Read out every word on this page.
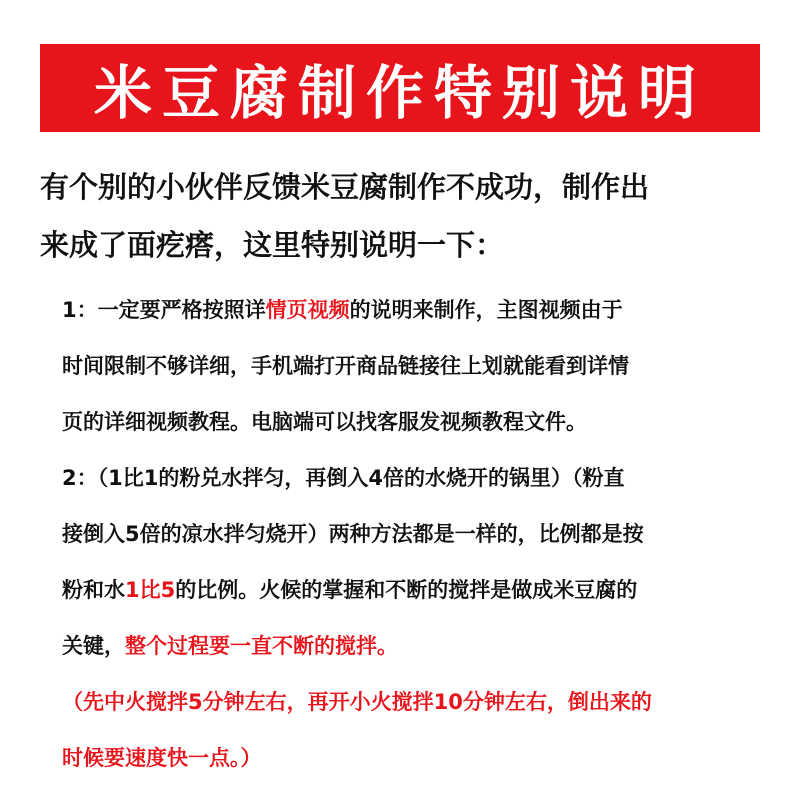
米豆腐制作特别说明
有个别的小伙伴反馈米豆腐制作不成功，制作出
来成了面疙瘩，这里特别说明一下：
1：一定要严格按照详情页视频的说明来制作，主图视频由于
时间限制不够详细，手机端打开商品链接往上划就能看到详情
页的详细视频教程。电脑端可以找客服发视频教程文件。
2：（1比1的粉兑水拌匀，再倒入4倍的水烧开的锅里）（粉直
接倒入5倍的凉水拌匀烧开）两种方法都是一样的，比例都是按
粉和水1比5的比例。火候的掌握和不断的搅拌是做成米豆腐的
关键，整个过程要一直不断的搅拌。
（先中火搅拌5分钟左右，再开小火搅拌10分钟左右，倒出来的
时候要速度快一点。）
